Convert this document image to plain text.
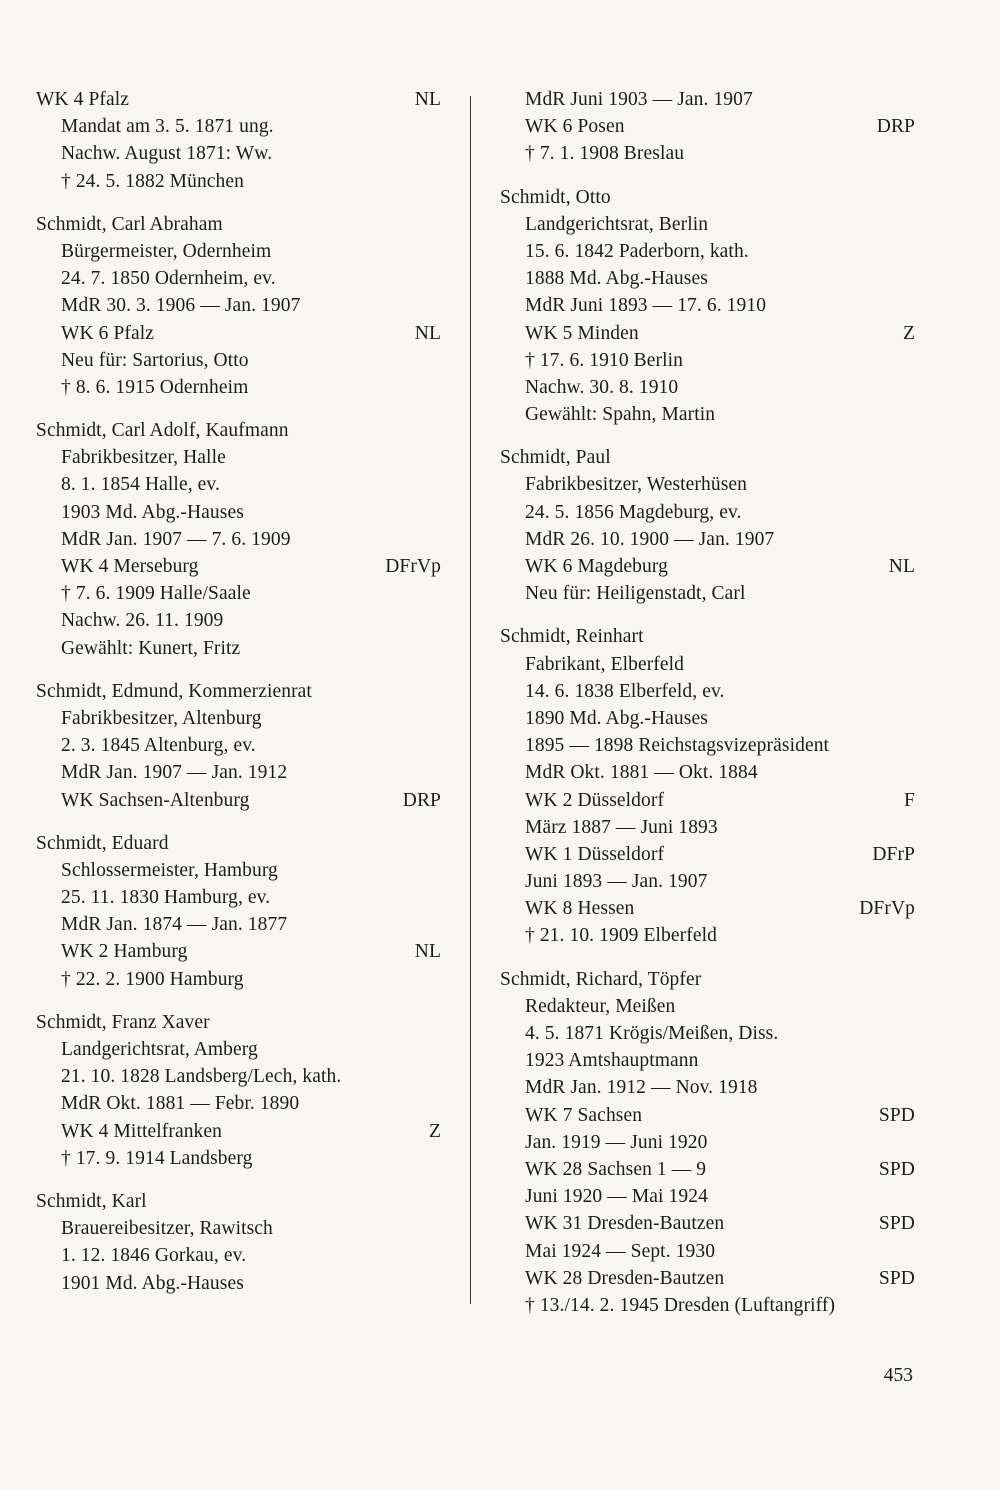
WK 4 Pfalz	NL
Mandat am 3. 5. 1871 ung.
Nachw. August 1871: Ww.
† 24. 5. 1882 München
Schmidt, Carl Abraham
Bürgermeister, Odernheim
24. 7. 1850 Odernheim, ev.
MdR 30. 3. 1906 — Jan. 1907
WK 6 Pfalz	NL
Neu für: Sartorius, Otto
† 8. 6. 1915 Odernheim
Schmidt, Carl Adolf, Kaufmann
Fabrikbesitzer, Halle
8. 1. 1854 Halle, ev.
1903 Md. Abg.-Hauses
MdR Jan. 1907 — 7. 6. 1909
WK 4 Merseburg	DFrVp
† 7. 6. 1909 Halle/Saale
Nachw. 26. 11. 1909
Gewählt: Kunert, Fritz
Schmidt, Edmund, Kommerzienrat
Fabrikbesitzer, Altenburg
2. 3. 1845 Altenburg, ev.
MdR Jan. 1907 — Jan. 1912
WK Sachsen-Altenburg	DRP
Schmidt, Eduard
Schlossermeister, Hamburg
25. 11. 1830 Hamburg, ev.
MdR Jan. 1874 — Jan. 1877
WK 2 Hamburg	NL
† 22. 2. 1900 Hamburg
Schmidt, Franz Xaver
Landgerichtsrat, Amberg
21. 10. 1828 Landsberg/Lech, kath.
MdR Okt. 1881 — Febr. 1890
WK 4 Mittelfranken	Z
† 17. 9. 1914 Landsberg
Schmidt, Karl
Brauereibesitzer, Rawitsch
1. 12. 1846 Gorkau, ev.
1901 Md. Abg.-Hauses
MdR Juni 1903 — Jan. 1907
WK 6 Posen	DRP
† 7. 1. 1908 Breslau
Schmidt, Otto
Landgerichtsrat, Berlin
15. 6. 1842 Paderborn, kath.
1888 Md. Abg.-Hauses
MdR Juni 1893 — 17. 6. 1910
WK 5 Minden	Z
† 17. 6. 1910 Berlin
Nachw. 30. 8. 1910
Gewählt: Spahn, Martin
Schmidt, Paul
Fabrikbesitzer, Westerhüsen
24. 5. 1856 Magdeburg, ev.
MdR 26. 10. 1900 — Jan. 1907
WK 6 Magdeburg	NL
Neu für: Heiligenstadt, Carl
Schmidt, Reinhart
Fabrikant, Elberfeld
14. 6. 1838 Elberfeld, ev.
1890 Md. Abg.-Hauses
1895 — 1898 Reichstagsvizepräsident
MdR Okt. 1881 — Okt. 1884
WK 2 Düsseldorf	F
März 1887 — Juni 1893
WK 1 Düsseldorf	DFrP
Juni 1893 — Jan. 1907
WK 8 Hessen	DFrVp
† 21. 10. 1909 Elberfeld
Schmidt, Richard, Töpfer
Redakteur, Meißen
4. 5. 1871 Krögis/Meißen, Diss.
1923 Amtshauptmann
MdR Jan. 1912 — Nov. 1918
WK 7 Sachsen	SPD
Jan. 1919 — Juni 1920
WK 28 Sachsen 1 — 9	SPD
Juni 1920 — Mai 1924
WK 31 Dresden-Bautzen	SPD
Mai 1924 — Sept. 1930
WK 28 Dresden-Bautzen	SPD
† 13./14. 2. 1945 Dresden (Luftangriff)
453
